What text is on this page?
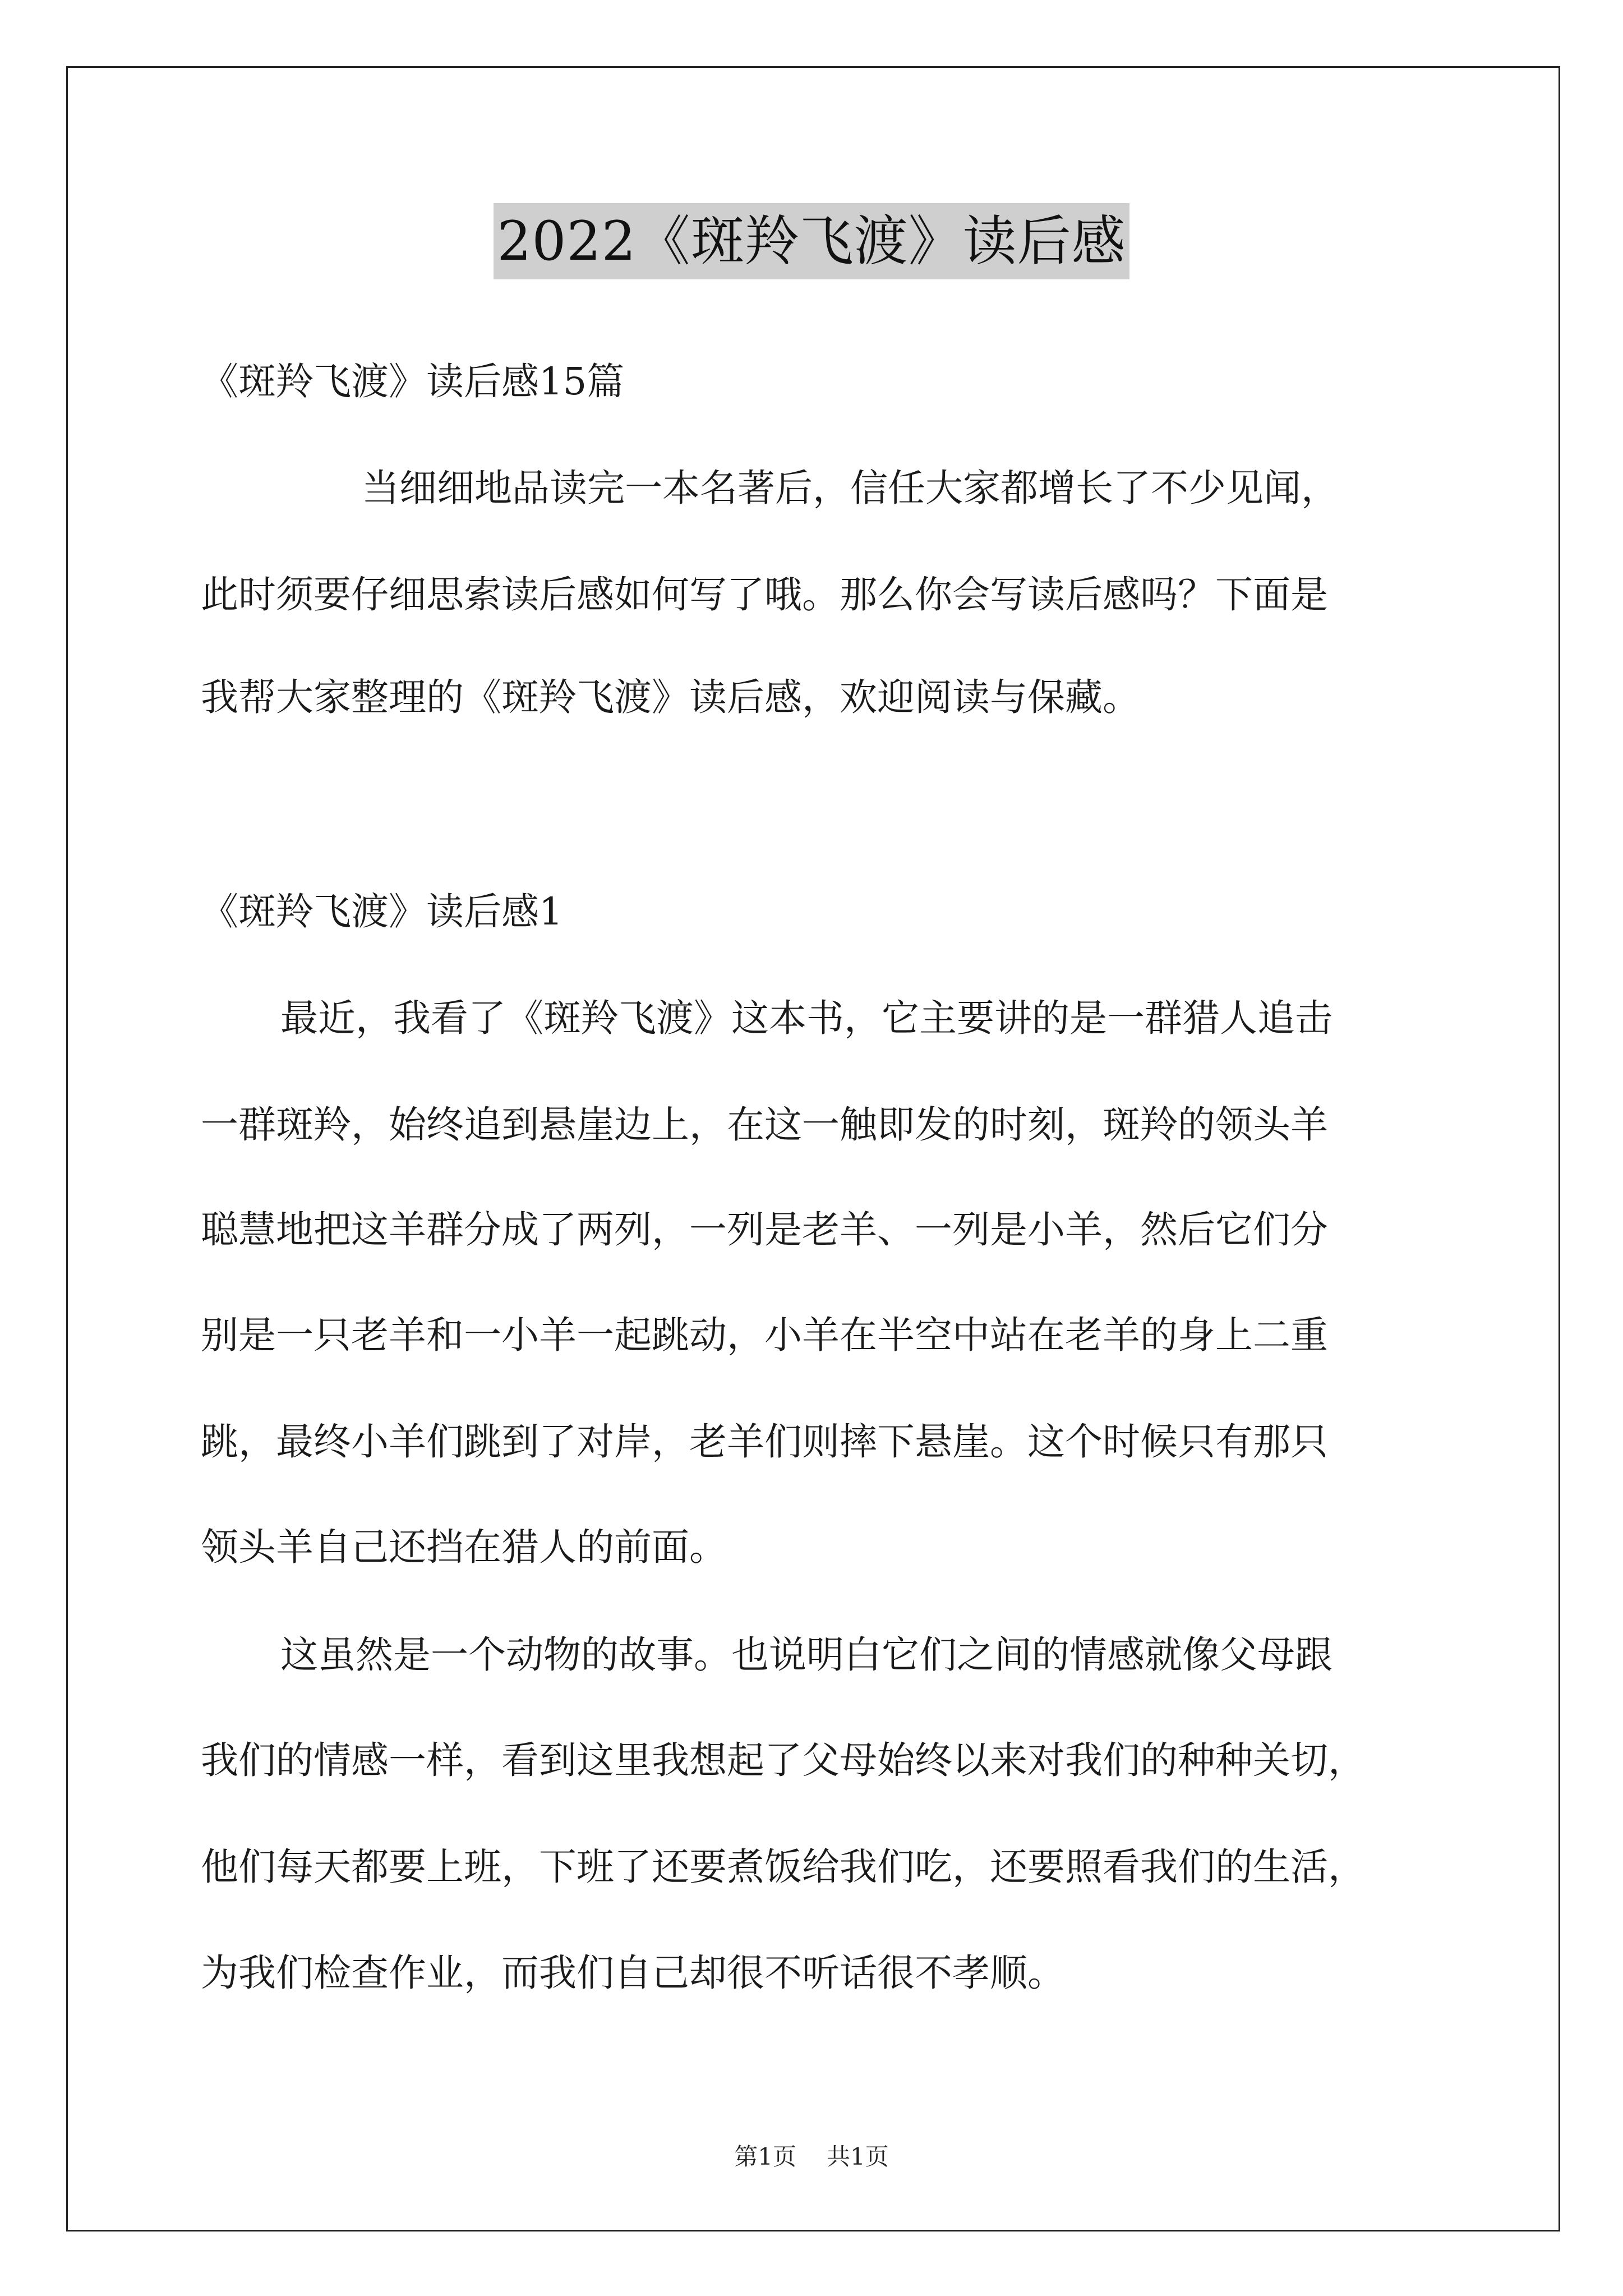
2022《斑羚飞渡》读后感
《斑羚飞渡》读后感15篇
当细细地品读完一本名著后，信任大家都增长了不少见闻，
此时须要仔细思索读后感如何写了哦。那么你会写读后感吗？下面是
我帮大家整理的《斑羚飞渡》读后感，欢迎阅读与保藏。
《斑羚飞渡》读后感1
最近，我看了《斑羚飞渡》这本书，它主要讲的是一群猎人追击
一群斑羚，始终追到悬崖边上，在这一触即发的时刻，斑羚的领头羊
聪慧地把这羊群分成了两列，一列是老羊、一列是小羊，然后它们分
别是一只老羊和一小羊一起跳动，小羊在半空中站在老羊的身上二重
跳，最终小羊们跳到了对岸，老羊们则摔下悬崖。这个时候只有那只
领头羊自己还挡在猎人的前面。
这虽然是一个动物的故事。也说明白它们之间的情感就像父母跟
我们的情感一样，看到这里我想起了父母始终以来对我们的种种关切，
他们每天都要上班，下班了还要煮饭给我们吃，还要照看我们的生活，
为我们检查作业，而我们自己却很不听话很不孝顺。
第1页 共1页
